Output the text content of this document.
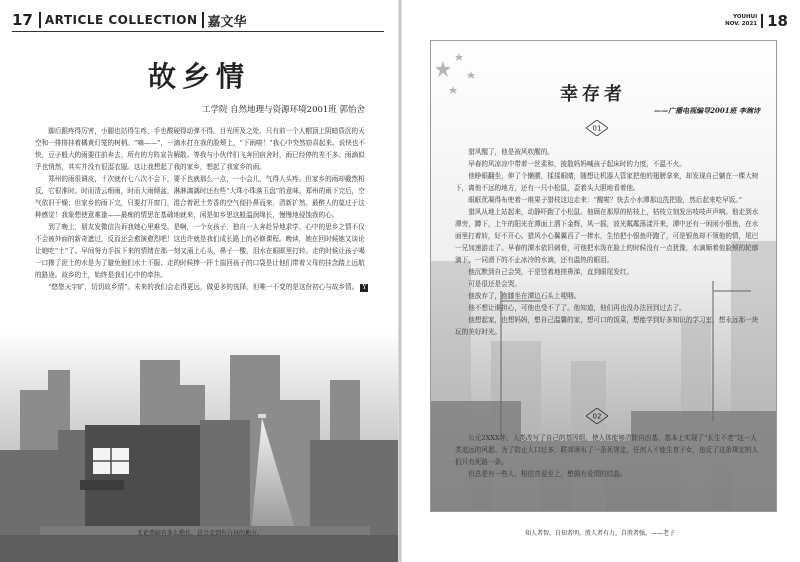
17 ARTICLE COLLECTION 嘉文华
故乡情
工学院 自然地理与资源环境2001班 郭怡舍

脚后跟疼得厉害，小腿也站得生疼，手也酸硬得动弹不得。目光所及之处，只有前一个人帽顶上阴暗昏沉的天空和一排排挂着橘黄灯笼的树梢。“嘀——”，一滴水打在我的脸颊上，“下雨啦！”我心中突然窃喜起来。说快也不快，豆子般大的雨要往前奔去，所有的方阵宣告解散。等我与小伙伴们飞奔回宿舍时，雨已经停的差不多。雨滴似乎也悄然，其实并没有很湿衣服。这让我想起了我的家乡，想起了我家乡的雨。

郑州的雨很调皮，十次就有七八次不会下，要下也就那么一点，一小会儿，气得人头疼。但家乡的雨却截然相反，它很准时。时而清云细雨，时而大雨倾盆，淋淋漓漓时还有些“大珠小珠落玉盘”的意味。郑州的雨下完后，空气依旧干燥；但家乡的雨下完，只要打开窗门，混合着泥土芳香的空气便扑鼻而来，清新扩然。最醉人的莫过于这种感觉！我象想使意难逢——最痴的情思在基础地就来，闲是如乡思这般温润绵长，慢慢地侵蚀我的心。

到了晚上，朋友发微信告诉我她心里难受。是啊，一个女孩子，独自一人奔赴异地求学，心中的思乡之情不仅不会被外面的新奇遮过，反而还会愈演愈烈吧！这也许就是我们成长路上的必修课程。晚读，她在回时候她又谈论让她吃“土”了。早间努力手拔下来的情绪在那一刻又涌上心头，鼻子一酸，泪水在眼眶里打转。走的时候让孩子喝一口掺了泥土的水是为了避免他们水土不服；走的时候捧一抔土揣回孩子的口袋是让他们带着父母的挂念踏上远航的路途。故乡的土，始终是我们心中的牵挂。

“悠悠天宇旷，切切故乡情”。未来的我们会走得更远，做更多的选择，但唯一不变的是这份初心与故乡情。 Y

无论黑暗有多么绝长，总会走到有白昼的地方。
YOUHUI
NOV. 2021 18
幸存者
——广播电视编导2001班 李琬诗
01

猎风醒了，他是被风吹醒的。

早春的风凉凉中带着一丝柔和，披散妈妈喊孩子起床时的力度，不温不火。

他睁眼翻坐，伸了个懒腰，揉揉眼睛，随想让机器人管家把他的翅膀拿来，却发现自己躺在一棵大树下，离他不远的地方，还有一只小松鼠，歪着头大胆地看着他。

眼眶优凝得布兜着一堆果子猎枝这边走来：“醒啦？快去小水潭那边洗把脸，然后起来吃早饭。”

猎风从地上站起来，动静吓跑了小松鼠。他顾在那厚的枯枝上，枯枝立刻发出吱吱声声响。他走到水潭旁，蹲下，上午的阳光在潭面上洒下金辉，风一摇，波光粼粼荡漾开来，潭中还有一闲闲小银鱼，在水面里打着转，好不开心。猎风小心翼翼舀了一捧水，生怕把小银鱼吓跑了，可是银鱼却不领他的情，尾巴一兄加速游走了。早春的潭水依旧刺骨，可他把水泼在脸上的时候没有一点犹豫，水滴顺着他脸颊的轮廓滴下，一同滑下的不止冰冷的水滴，还有温热的眼泪。

他沉默到自己会哭，于是竖着地搓鼻涕，直到眼尾发红。

可是很还是会哭。

他放弃了，抱膝坐在潭边石头上哽咽。

他不想让谁担心，可他也受不了了。他知道，他们再也没办法回到过去了。

他想起家，也想妈妈，想自己温馨的家，想可口的饭菜，想能学到好多知识的学习室，想永远那一块玩的美好时光。

02

公元2XXX年，人类改写了自己的基因组，使人体能够清除自由基，基本上实现了“长生不老”这一人类追远的夙愿。为了防止人口过多，联邦颁布了一条死规定，任何人不能生育子女，违反了这条规定的人们只有死路一条。

但总是有一些人，相信真爱至上，想拥有爱情的结晶。

知人者智，自知者明。胜人者有力，自胜者强。——老子
